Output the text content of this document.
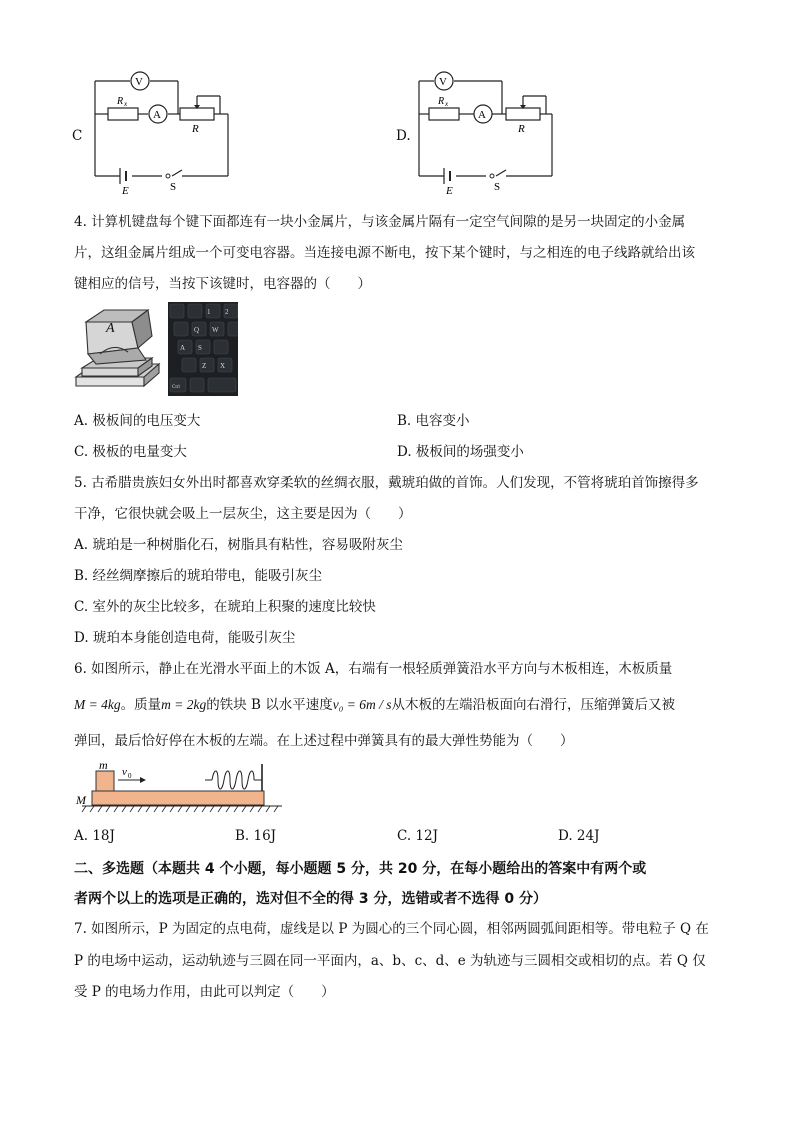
C
V
A
R x
R
E	S
D.
V
A
R x
R
E	S
4. 计算机键盘每个键下面都连有一块小金属片，与该金属片隔有一定空气间隙的是另一块固定的小金属
片，这组金属片组成一个可变电容器。当连接电源不断电，按下某个键时，与之相连的电子线路就给出该
键相应的信号，当按下该键时，电容器的（　　）
A
1 2
W
Q
S
A
Z X
Ctrl
A. 极板间的电压变大	B. 电容变小
C. 极板的电量变大	D. 极板间的场强变小
5. 古希腊贵族妇女外出时都喜欢穿柔软的丝绸衣服，戴琥珀做的首饰。人们发现，不管将琥珀首饰擦得多
干净，它很快就会吸上一层灰尘，这主要是因为（　　）
A. 琥珀是一种树脂化石，树脂具有粘性，容易吸附灰尘
B. 经丝绸摩擦后的琥珀带电，能吸引灰尘
C. 室外的灰尘比较多，在琥珀上积聚的速度比较快
D. 琥珀本身能创造电荷，能吸引灰尘
6. 如图所示，静止在光滑水平面上的木饭 A，右端有一根轻质弹簧沿水平方向与木板相连，木板质量
M = 4kg。质量m = 2kg的铁块 B 以水平速度v₀ = 6m / s从木板的左端沿板面向右滑行，压缩弹簧后又被
弹回，最后恰好停在木板的左端。在上述过程中弹簧具有的最大弹性势能为（　　）
m v 0
M
A. 18J	B. 16J	C. 12J	D. 24J
二、多选题（本题共 4 个小题，每小题题 5 分，共 20 分，在每小题给出的答案中有两个或
者两个以上的选项是正确的，选对但不全的得 3 分，选错或者不选得 0 分）
7. 如图所示，P 为固定的点电荷，虚线是以 P 为圆心的三个同心圆，相邻两圆弧间距相等。带电粒子 Q 在
P 的电场中运动，运动轨迹与三圆在同一平面内，a、b、c、d、e 为轨迹与三圆相交或相切的点。若 Q 仅
受 P 的电场力作用，由此可以判定（　　）
